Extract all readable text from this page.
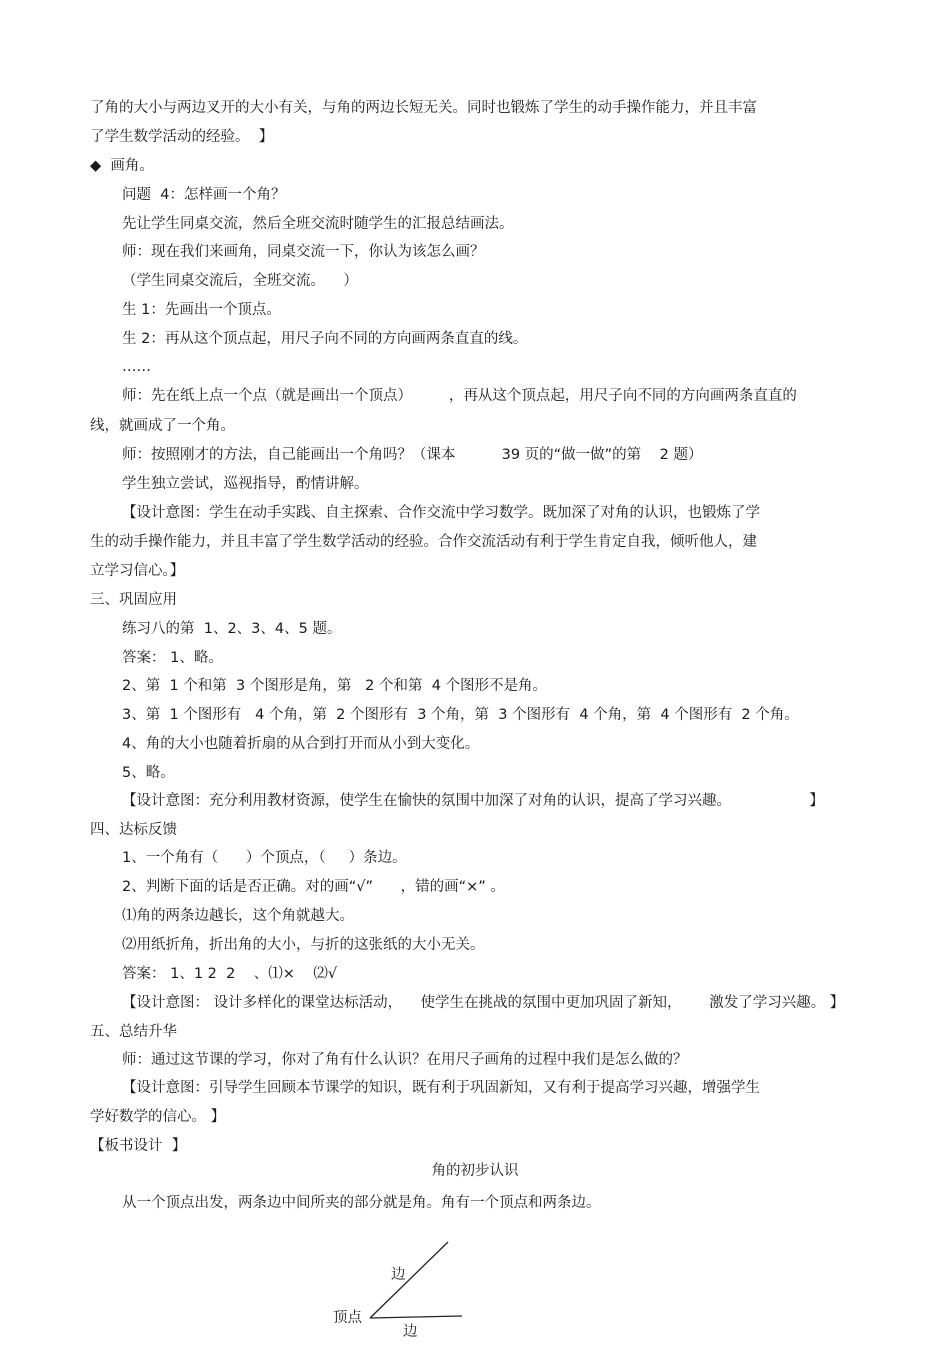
了角的大小与两边叉开的大小有关，与角的两边长短无关。同时也锻炼了学生的动手操作能力，并且丰富
了学生数学活动的经验。  】
◆  画角。
问题  4：怎样画一个角？
先让学生同桌交流，然后全班交流时随学生的汇报总结画法。
师：现在我们来画角，同桌交流一下，你认为该怎么画？
（学生同桌交流后，全班交流。    ）
生 1：先画出一个顶点。
生 2：再从这个顶点起，用尺子向不同的方向画两条直直的线。
……
师：先在纸上点一个点（就是画出一个顶点）        ，再从这个顶点起，用尺子向不同的方向画两条直直的
线，就画成了一个角。
师：按照刚才的方法，自己能画出一个角吗？（课本          39 页的“做一做”的第    2 题）
学生独立尝试，巡视指导，酌情讲解。
【设计意图：学生在动手实践、自主探索、合作交流中学习数学。既加深了对角的认识，也锻炼了学
生的动手操作能力，并且丰富了学生数学活动的经验。合作交流活动有利于学生肯定自我，倾听他人，建
立学习信心。】
三、巩固应用
练习八的第  1、2、3、4、5 题。
答案： 1、略。
2、第  1 个和第  3 个图形是角，第   2 个和第  4 个图形不是角。
3、第  1 个图形有   4 个角，第  2 个图形有  3 个角，第  3 个图形有  4 个角，第  4 个图形有  2 个角。
4、角的大小也随着折扇的从合到打开而从小到大变化。
5、略。
【设计意图：充分利用教材资源，使学生在愉快的氛围中加深了对角的认识，提高了学习兴趣。                 】
四、达标反馈
1、一个角有（      ）个顶点，（     ）条边。
2、判断下面的话是否正确。对的画“√”      ，错的画“×” 。
⑴角的两条边越长，这个角就越大。
⑵用纸折角，折出角的大小，与折的这张纸的大小无关。
答案： 1、1 2  2    、⑴×    ⑵√
【设计意图： 设计多样化的课堂达标活动，    使学生在挑战的氛围中更加巩固了新知，      激发了学习兴趣。 】
五、总结升华
师：通过这节课的学习，你对了角有什么认识？在用尺子画角的过程中我们是怎么做的？
【设计意图：引导学生回顾本节课学的知识，既有利于巩固新知，又有利于提高学习兴趣，增强学生
学好数学的信心。 】
【板书设计  】
角的初步认识
从一个顶点出发，两条边中间所夹的部分就是角。角有一个顶点和两条边。
边
顶点
边
